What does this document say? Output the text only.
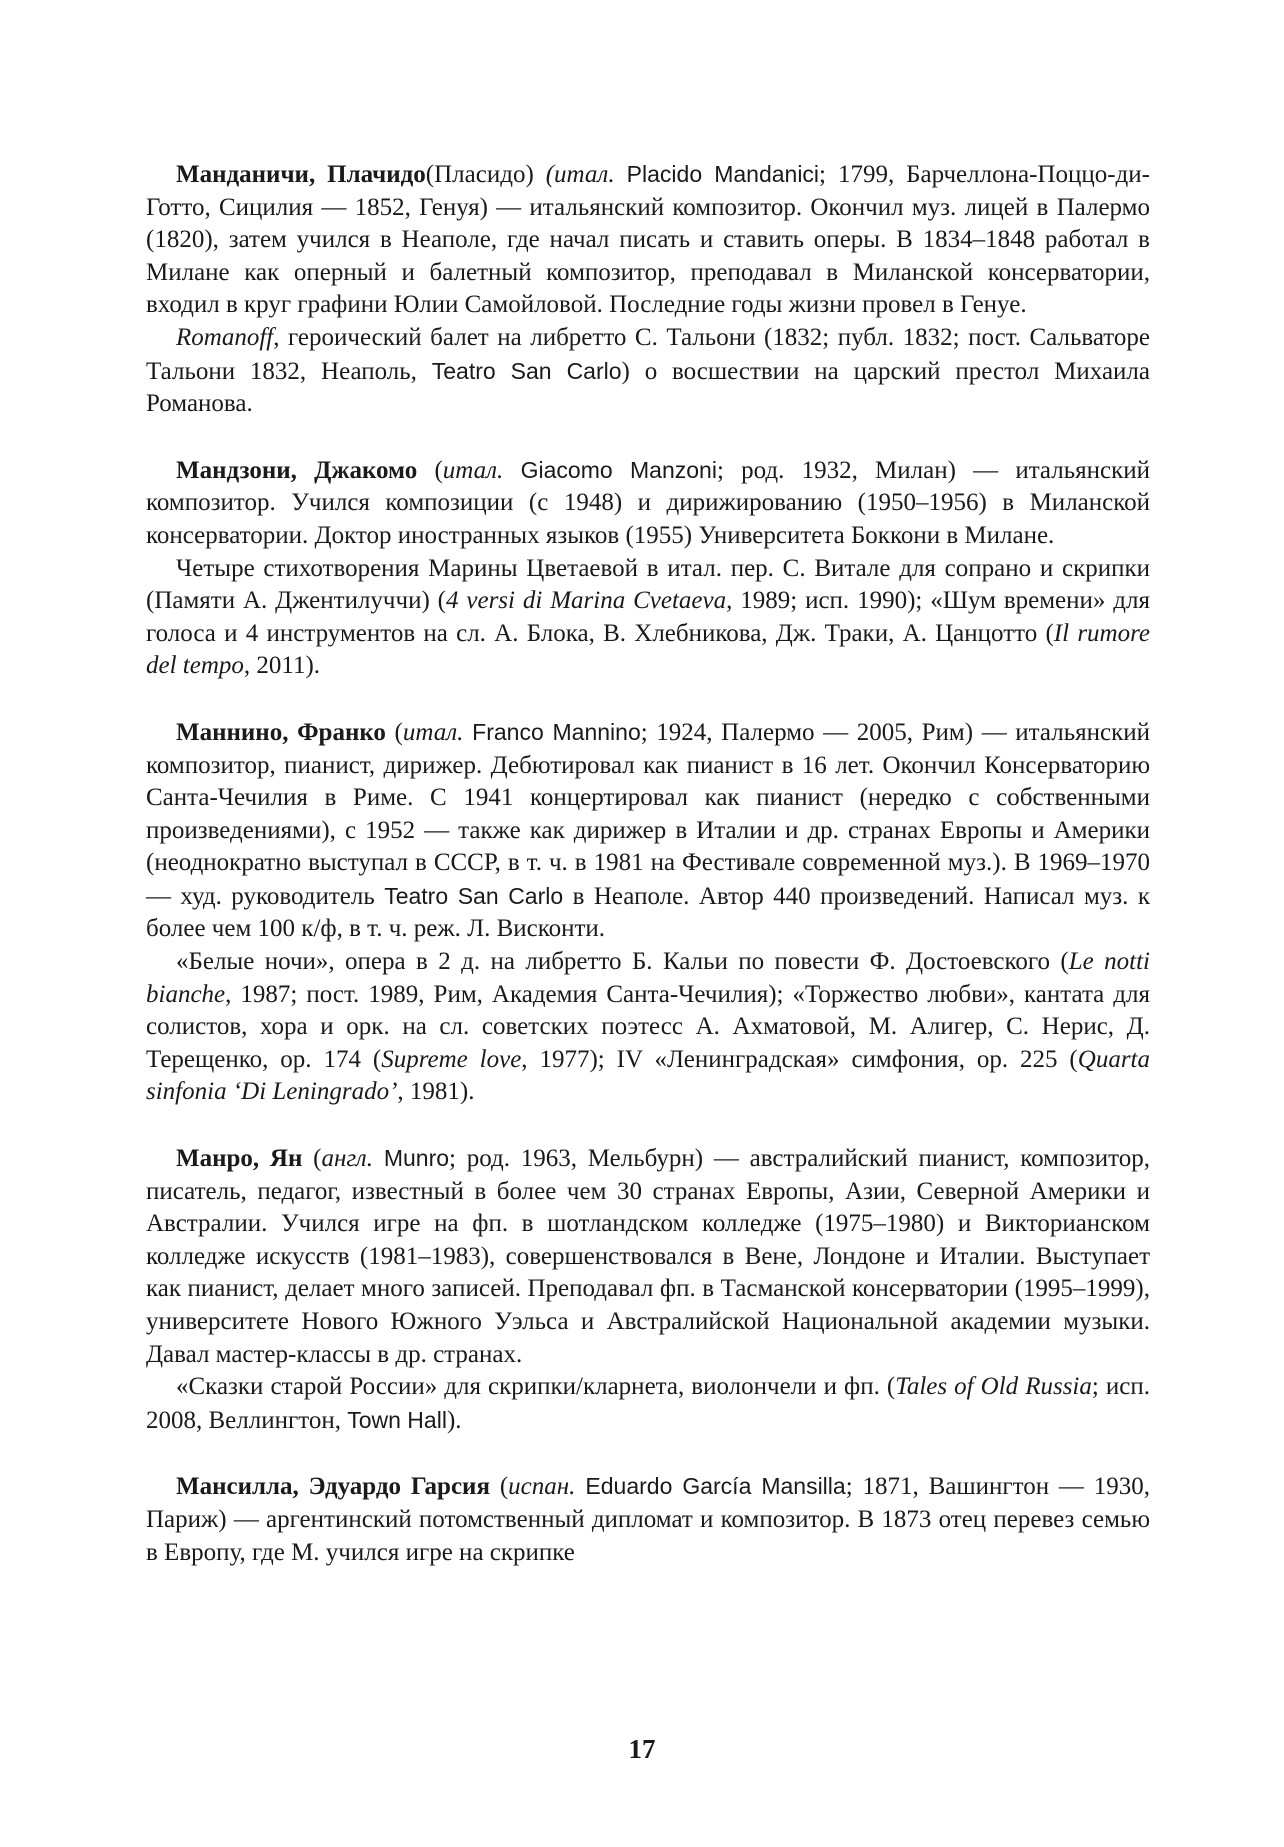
Манданичи, Плачидо(Пласидо) (итал. Placido Mandanici; 1799, Барчеллона-Поццо-ди-Готто, Сицилия — 1852, Генуя) — итальянский композитор. Окончил муз. лицей в Палермо (1820), затем учился в Неаполе, где начал писать и ставить оперы. В 1834–1848 работал в Милане как оперный и балетный композитор, преподавал в Миланской консерватории, входил в круг графини Юлии Самойловой. Последние годы жизни провел в Генуе.

Romanoff, героический балет на либретто С. Тальони (1832; публ. 1832; пост. Сальваторе Тальони 1832, Неаполь, Teatro San Carlo) о восшествии на царский престол Михаила Романова.

Мандзони, Джакомо (итал. Giacomo Manzoni; род. 1932, Милан) — итальянский композитор. Учился композиции (с 1948) и дирижированию (1950–1956) в Миланской консерватории. Доктор иностранных языков (1955) Университета Боккони в Милане.

Четыре стихотворения Марины Цветаевой в итал. пер. С. Витале для сопрано и скрипки (Памяти А. Джентилуччи) (4 versi di Marina Cvetaeva, 1989; исп. 1990); «Шум времени» для голоса и 4 инструментов на сл. А. Блока, В. Хлебникова, Дж. Траки, А. Цанцотто (Il rumore del tempo, 2011).

Маннино, Франко (итал. Franco Mannino; 1924, Палермо — 2005, Рим) — итальянский композитор, пианист, дирижер. Дебютировал как пианист в 16 лет. Окончил Консерваторию Санта-Чечилия в Риме. С 1941 концертировал как пианист (нередко с собственными произведениями), с 1952 — также как дирижер в Италии и др. странах Европы и Америки (неоднократно выступал в СССР, в т. ч. в 1981 на Фестивале современной муз.). В 1969–1970 — худ. руководитель Teatro San Carlo в Неаполе. Автор 440 произведений. Написал муз. к более чем 100 к/ф, в т. ч. реж. Л. Висконти.

«Белые ночи», опера в 2 д. на либретто Б. Кальи по повести Ф. Достоевского (Le notti bianche, 1987; пост. 1989, Рим, Академия Санта-Чечилия); «Торжество любви», кантата для солистов, хора и орк. на сл. советских поэтесс А. Ахматовой, М. Алигер, С. Нерис, Д. Терещенко, ор. 174 (Supreme love, 1977); IV «Ленинградская» симфония, ор. 225 (Quarta sinfonia ‘Di Leningrado’, 1981).

Манро, Ян (англ. Munro; род. 1963, Мельбурн) — австралийский пианист, композитор, писатель, педагог, известный в более чем 30 странах Европы, Азии, Северной Америки и Австралии. Учился игре на фп. в шотландском колледже (1975–1980) и Викторианском колледже искусств (1981–1983), совершенствовался в Вене, Лондоне и Италии. Выступает как пианист, делает много записей. Преподавал фп. в Тасманской консерватории (1995–1999), университете Нового Южного Уэльса и Австралийской Национальной академии музыки. Давал мастер-классы в др. странах.

«Сказки старой России» для скрипки/кларнета, виолончели и фп. (Tales of Old Russia; исп. 2008, Веллингтон, Town Hall).

Мансилла, Эдуардо Гарсия (испан. Eduardo García Mansilla; 1871, Вашингтон — 1930, Париж) — аргентинский потомственный дипломат и композитор. В 1873 отец перевез семью в Европу, где М. учился игре на скрипке

17
